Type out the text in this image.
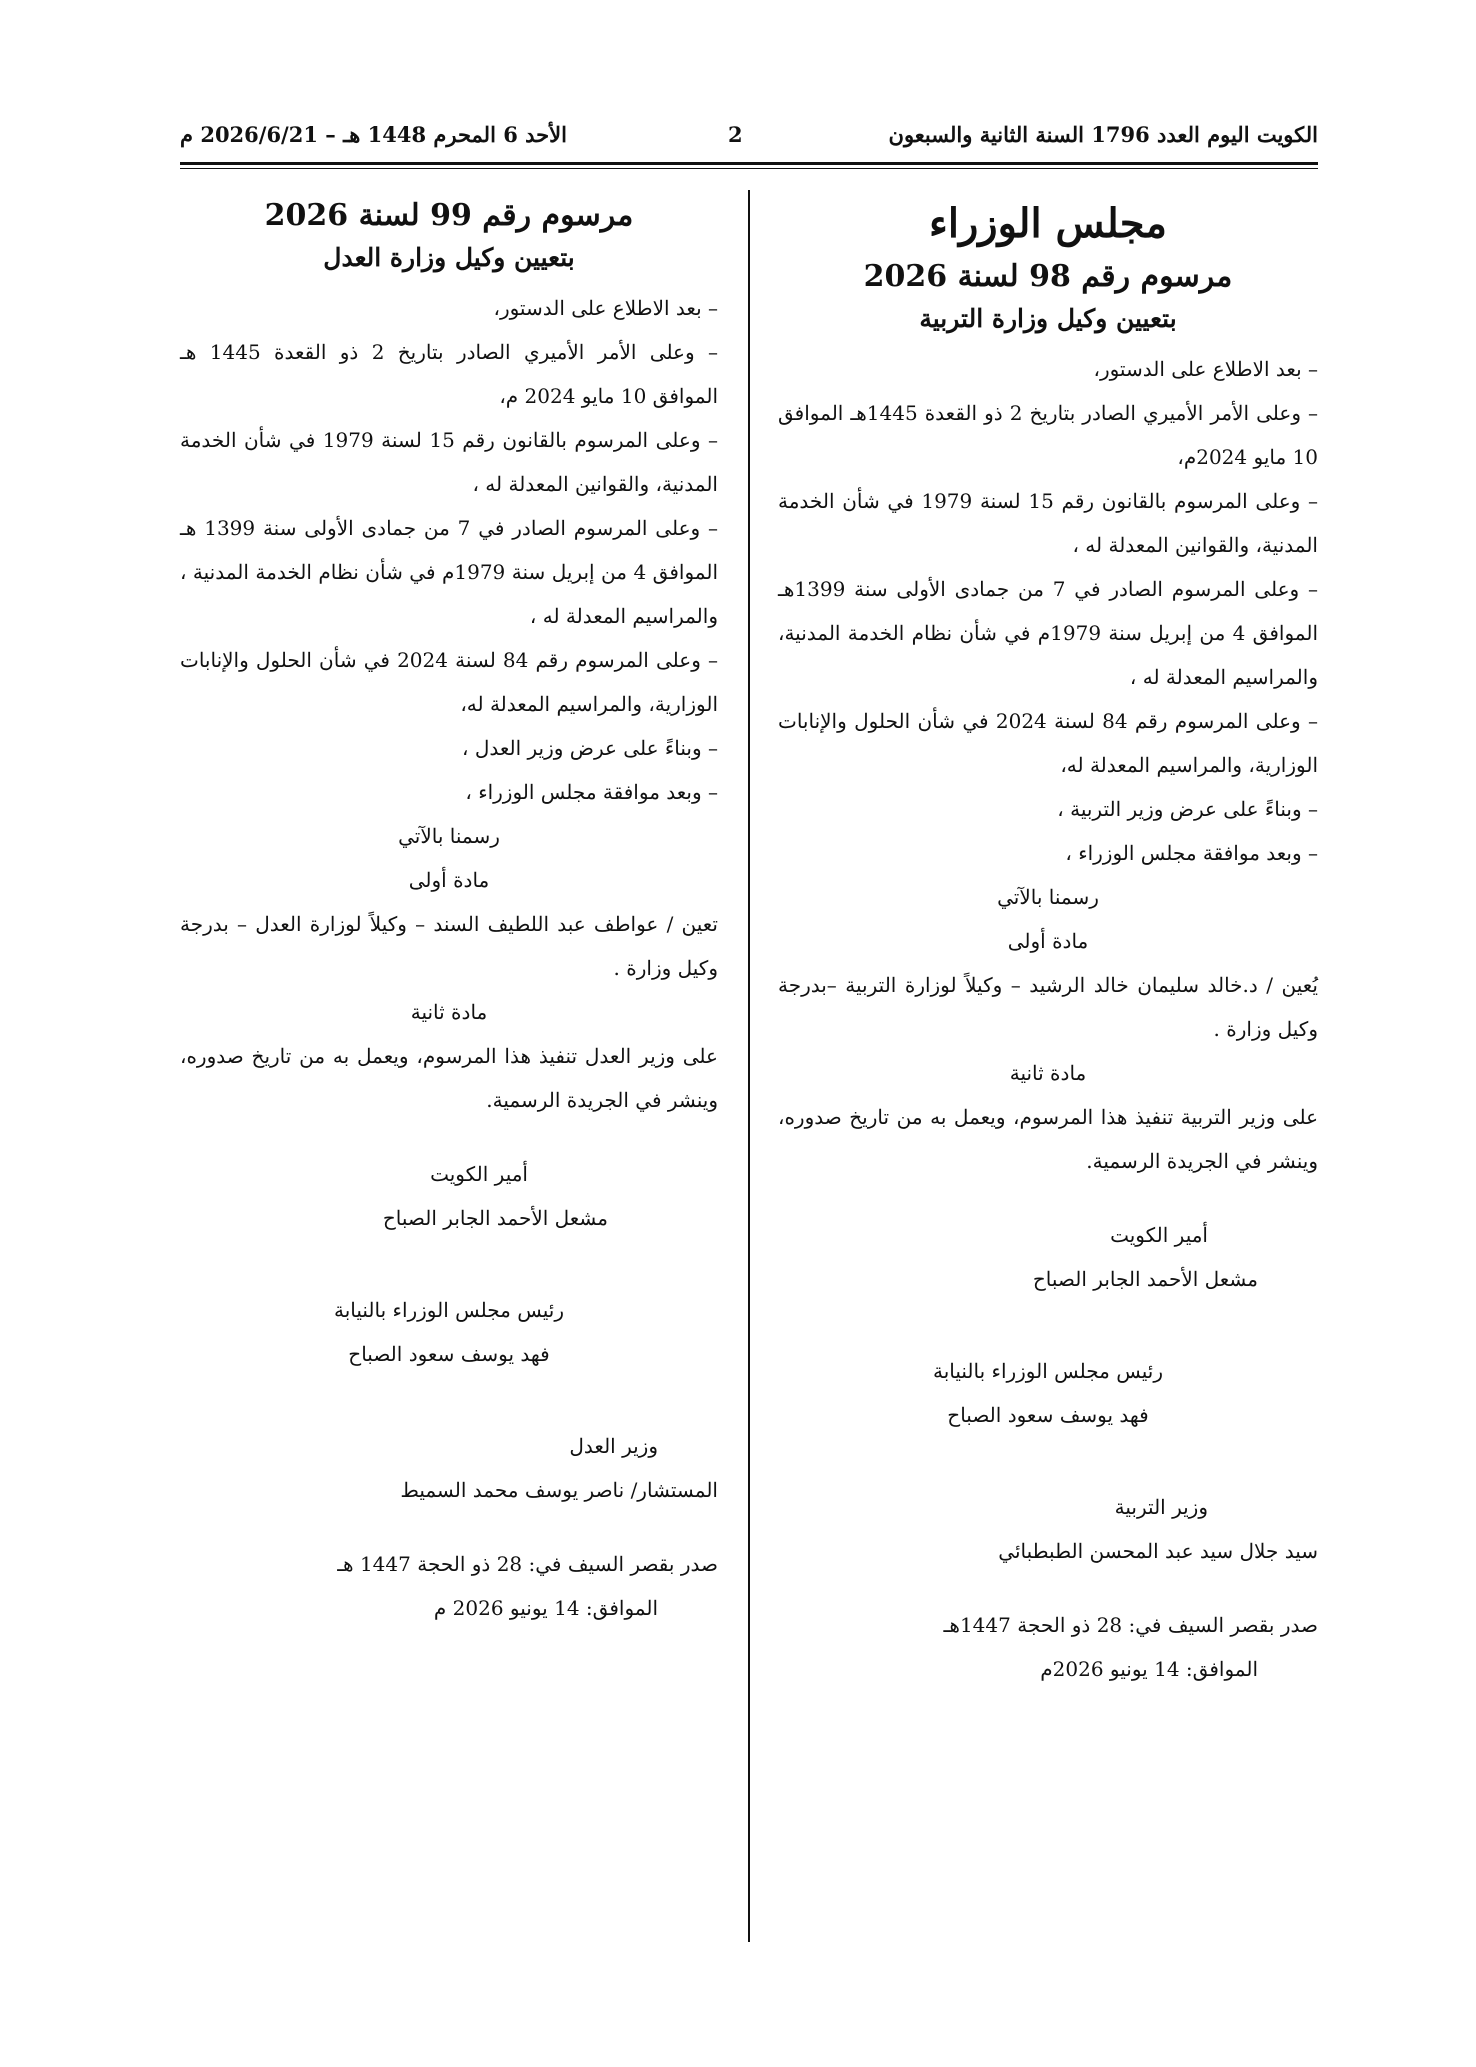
الكويت اليوم العدد 1796 السنة الثانية والسبعون
2
الأحد 6 المحرم 1448 هـ – 2026/6/21 م
مجلس الوزراء
مرسوم رقم 98 لسنة 2026
بتعيين وكيل وزارة التربية
– بعد الاطلاع على الدستور،
– وعلى الأمر الأميري الصادر بتاريخ 2 ذو القعدة 1445هـ الموافق 10 مايو 2024م،
– وعلى المرسوم بالقانون رقم 15 لسنة 1979 في شأن الخدمة المدنية، والقوانين المعدلة له ،
– وعلى المرسوم الصادر في 7 من جمادى الأولى سنة 1399هـ الموافق 4 من إبريل سنة 1979م في شأن نظام الخدمة المدنية، والمراسيم المعدلة له ،
– وعلى المرسوم رقم 84 لسنة 2024 في شأن الحلول والإنابات الوزارية، والمراسيم المعدلة له،
– وبناءً على عرض وزير التربية ،
– وبعد موافقة مجلس الوزراء ،
رسمنا بالآتي
مادة أولى
يُعين / د.خالد سليمان خالد الرشيد – وكيلاً لوزارة التربية –بدرجة وكيل وزارة .
مادة ثانية
على وزير التربية تنفيذ هذا المرسوم، ويعمل به من تاريخ صدوره، وينشر في الجريدة الرسمية.
أمير الكويت
مشعل الأحمد الجابر الصباح
رئيس مجلس الوزراء بالنيابة
فهد يوسف سعود الصباح
وزير التربية
سيد جلال سيد عبد المحسن الطبطبائي
صدر بقصر السيف في: 28 ذو الحجة 1447هـ
الموافق: 14 يونيو 2026م
مرسوم رقم 99 لسنة 2026
بتعيين وكيل وزارة العدل
– بعد الاطلاع على الدستور،
– وعلى الأمر الأميري الصادر بتاريخ 2 ذو القعدة 1445 هـ الموافق 10 مايو 2024 م،
– وعلى المرسوم بالقانون رقم 15 لسنة 1979 في شأن الخدمة المدنية، والقوانين المعدلة له ،
– وعلى المرسوم الصادر في 7 من جمادى الأولى سنة 1399 هـ الموافق 4 من إبريل سنة 1979م في شأن نظام الخدمة المدنية ، والمراسيم المعدلة له ،
– وعلى المرسوم رقم 84 لسنة 2024 في شأن الحلول والإنابات الوزارية، والمراسيم المعدلة له،
– وبناءً على عرض وزير العدل ،
– وبعد موافقة مجلس الوزراء ،
رسمنا بالآتي
مادة أولى
تعين / عواطف عبد اللطيف السند – وكيلاً لوزارة العدل – بدرجة وكيل وزارة .
مادة ثانية
على وزير العدل تنفيذ هذا المرسوم، ويعمل به من تاريخ صدوره، وينشر في الجريدة الرسمية.
أمير الكويت
مشعل الأحمد الجابر الصباح
رئيس مجلس الوزراء بالنيابة
فهد يوسف سعود الصباح
وزير العدل
المستشار/ ناصر يوسف محمد السميط
صدر بقصر السيف في: 28 ذو الحجة 1447 هـ
الموافق: 14 يونيو 2026 م
